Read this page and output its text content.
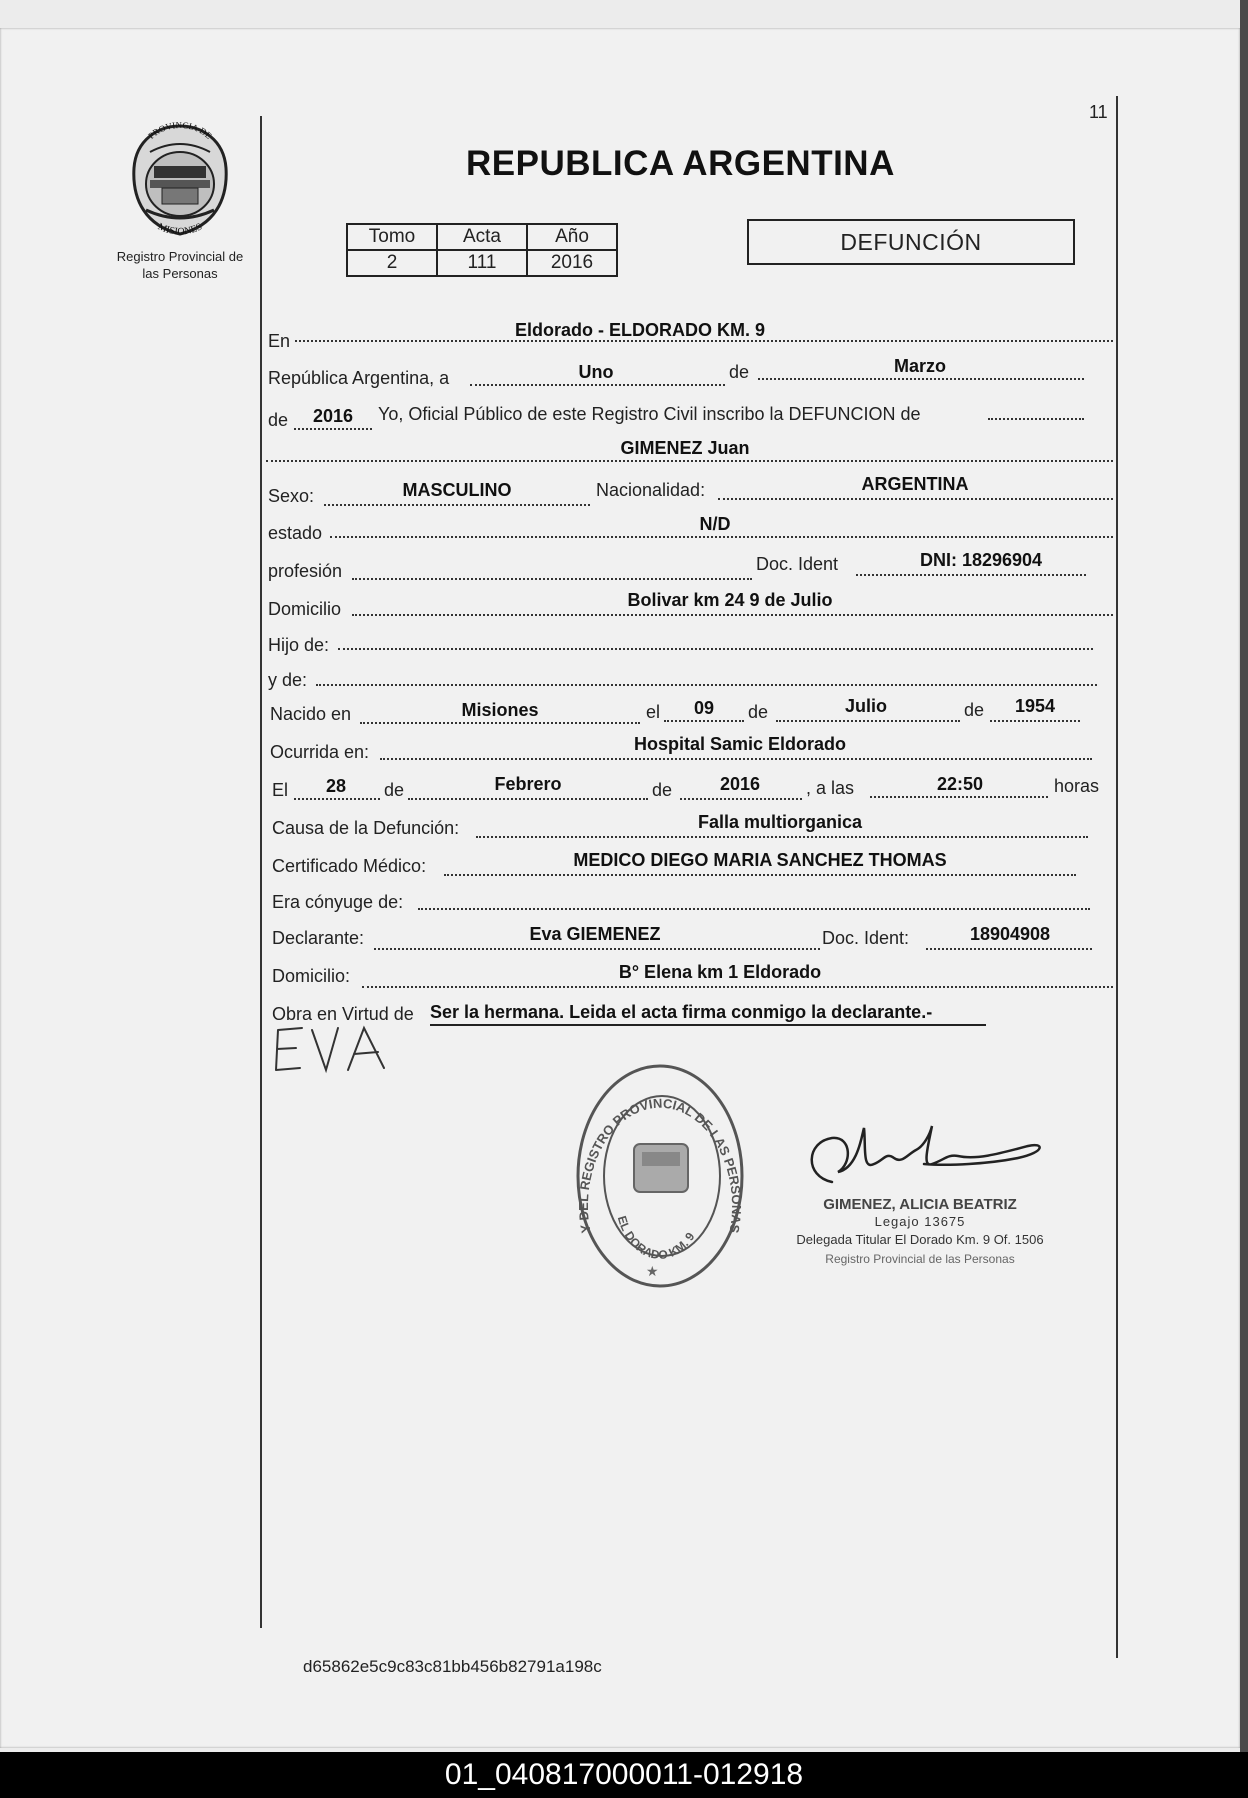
11
PROVINCIA DE
MISIONES
Registro Provincial de
las Personas
REPUBLICA ARGENTINA
Tomo	Acta	Año
2	111	2016
DEFUNCIÓN
En
Eldorado - ELDORADO KM. 9
República Argentina, a	Uno	de	Marzo
de	2016	Yo, Oficial Público de este Registro Civil inscribo la DEFUNCION de
GIMENEZ Juan
Sexo:	MASCULINO	Nacionalidad:	ARGENTINA
estado	N/D
profesión	Doc. Ident	DNI: 18296904
Domicilio	Bolivar km 24 9 de Julio
Hijo de:
y de:
Nacido en	Misiones	el	09	de	Julio	de	1954
Ocurrida en:	Hospital Samic Eldorado
El	28	de	Febrero	de	2016	, a las	22:50	horas
Causa de la Defunción:	Falla multiorganica
Certificado Médico:	MEDICO DIEGO MARIA SANCHEZ THOMAS
Era cónyuge de:
Declarante:	Eva GIEMENEZ	Doc. Ident:	18904908
Domicilio:	B° Elena km 1 Eldorado
Obra en Virtud de Ser la hermana. Leida el acta firma conmigo la declarante.-
Y DEL REGISTRO PROVINCIAL DE LAS PERSONAS
EL DORADO KM. 9
★
GIMENEZ, ALICIA BEATRIZ
Legajo 13675
Delegada Titular El Dorado Km. 9 Of. 1506
Registro Provincial de las Personas
d65862e5c9c83c81bb456b82791a198c
01_040817000011-012918
